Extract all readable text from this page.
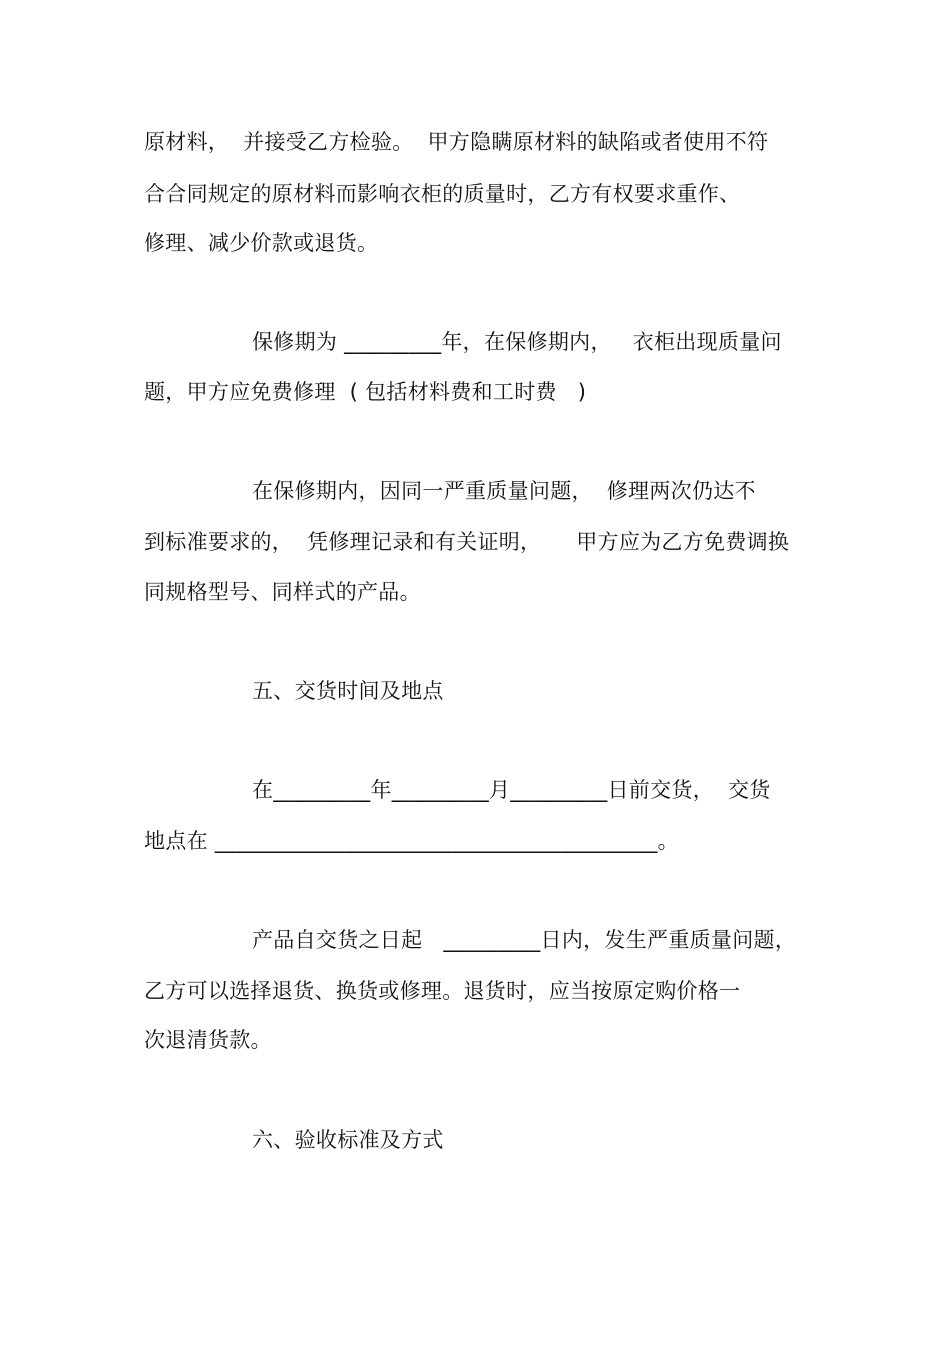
原材料，  并接受乙方检验。  甲方隐瞒原材料的缺陷或者使用不符
合合同规定的原材料而影响衣柜的质量时，乙方有权要求重作、
修理、减少价款或退货。
保修期为 _________年，在保修期内，   衣柜出现质量问
题，甲方应免费修理  ( 包括材料费和工时费   )
在保修期内，因同一严重质量问题，  修理两次仍达不
到标准要求的，  凭修理记录和有关证明，     甲方应为乙方免费调换
同规格型号、同样式的产品。
五、交货时间及地点
在_________年_________月_________日前交货，  交货
地点在 _________________________________________。
产品自交货之日起   _________日内，发生严重质量问题，
乙方可以选择退货、换货或修理。退货时，应当按原定购价格一
次退清货款。
六、验收标准及方式
